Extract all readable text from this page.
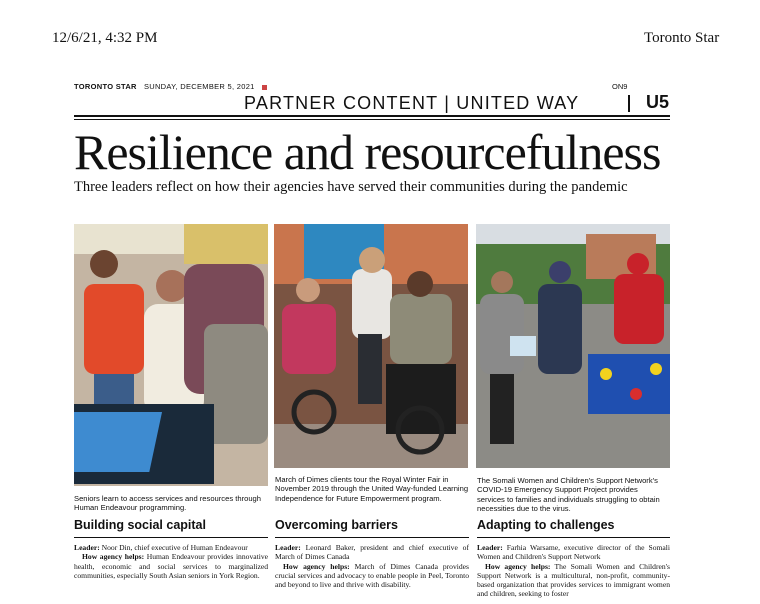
12/6/21, 4:32 PM	Toronto Star
TORONTO STAR SUNDAY, DECEMBER 5, 2021	ON9
PARTNER CONTENT | UNITED WAY	U5
Resilience and resourcefulness
Three leaders reflect on how their agencies have served their communities during the pandemic
Seniors learn to access services and resources through Human Endeavour programming.
Building social capital
Leader: Noor Din, chief executive of Human Endeavour
How agency helps: Human Endeavour provides innovative health, economic and social services to marginalized communities, especially South Asian seniors in York Region.
March of Dimes clients tour the Royal Winter Fair in November 2019 through the United Way-funded Learning Independence for Future Empowerment program.
Overcoming barriers
Leader: Leonard Baker, president and chief executive of March of Dimes Canada
How agency helps: March of Dimes Canada provides crucial services and advocacy to enable people in Peel, Toronto and beyond to live and thrive with disability.
The Somali Women and Children's Support Network's COVID-19 Emergency Support Project provides services to families and individuals struggling to obtain necessities due to the virus.
Adapting to challenges
Leader: Farhia Warsame, executive director of the Somali Women and Children's Support Network
How agency helps: The Somali Women and Children's Support Network is a multicultural, non-profit, community-based organization that provides services to immigrant women and children, seeking to foster
